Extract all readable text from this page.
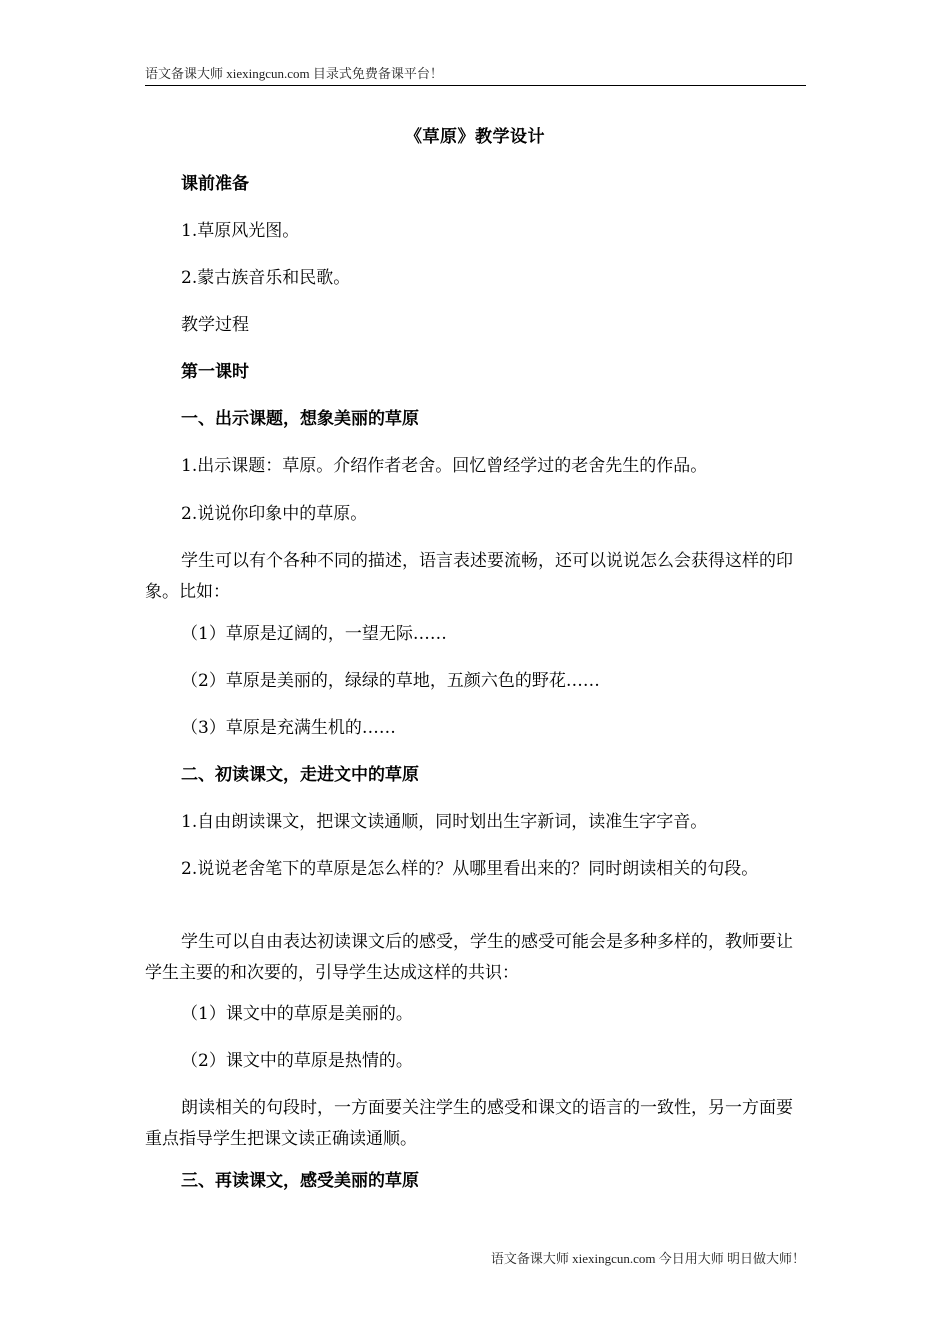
语文备课大师 xiexingcun.com 目录式免费备课平台！
《草原》教学设计

课前准备

1.草原风光图。

2.蒙古族音乐和民歌。

教学过程

第一课时

一、出示课题，想象美丽的草原

1.出示课题：草原。介绍作者老舍。回忆曾经学过的老舍先生的作品。

2.说说你印象中的草原。

学生可以有个各种不同的描述，语言表述要流畅，还可以说说怎么会获得这样的印象。比如：

（1）草原是辽阔的，一望无际……

（2）草原是美丽的，绿绿的草地，五颜六色的野花……

（3）草原是充满生机的……

二、初读课文，走进文中的草原

1.自由朗读课文，把课文读通顺，同时划出生字新词，读准生字字音。

2.说说老舍笔下的草原是怎么样的？从哪里看出来的？同时朗读相关的句段。

学生可以自由表达初读课文后的感受，学生的感受可能会是多种多样的，教师要让学生主要的和次要的，引导学生达成这样的共识：

（1）课文中的草原是美丽的。

（2）课文中的草原是热情的。

朗读相关的句段时，一方面要关注学生的感受和课文的语言的一致性，另一方面要重点指导学生把课文读正确读通顺。

三、再读课文，感受美丽的草原

语文备课大师 xiexingcun.com 今日用大师 明日做大师！
